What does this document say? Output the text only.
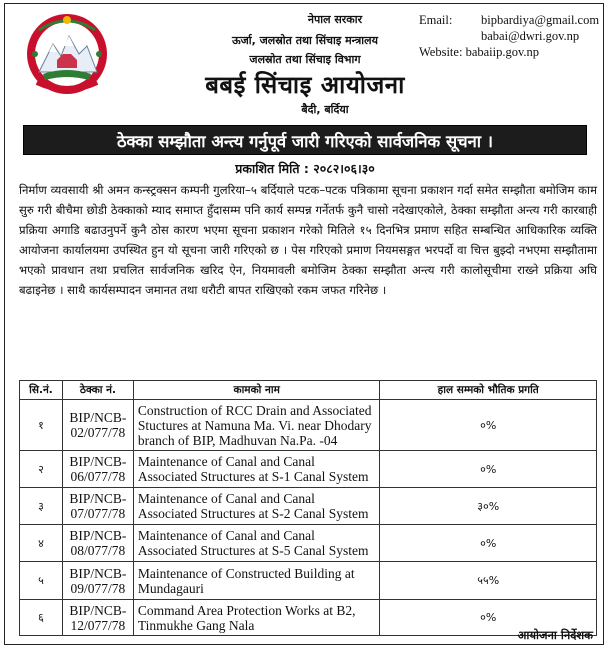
नेपाल सरकार
ऊर्जा, जलस्रोत तथा सिंचाइ मन्त्रालय
जलस्रोत तथा सिंचाइ विभाग
बबई सिंचाइ आयोजना
बैदी, बर्दिया
Email:	bipbardiya@gmail.com
babai@dwri.gov.np
Website:
babaiip.gov.np
ठेक्का सम्झौता अन्त्य गर्नुपूर्व जारी गरिएको सार्वजनिक सूचना ।
प्रकाशित मिति : २०८२।०६।३०

निर्माण व्यवसायी श्री अमन कन्स्ट्रक्सन कम्पनी गुलरिया–५ बर्दियाले पटक–पटक पत्रिकामा सूचना प्रकाशन गर्दा समेत सम्झौता बमोजिम काम सुरु गरी बीचैमा छोडी ठेक्काको म्याद समाप्त हुँदासम्म पनि कार्य सम्पन्न गर्नेतर्फ कुनै चासो नदेखाएकोले, ठेक्का सम्झौता अन्त्य गरी कारबाही प्रक्रिया अगाडि बढाउनुपर्ने कुनै ठोस कारण भएमा सूचना प्रकाशन गरेको मितिले १५ दिनभित्र प्रमाण सहित सम्बन्धित आधिकारिक व्यक्ति आयोजना कार्यालयमा उपस्थित हुन यो सूचना जारी गरिएको छ । पेस गरिएको प्रमाण नियमसङ्गत भरपर्दो वा चित्त बुझ्दो नभएमा सम्झौतामा भएको प्रावधान तथा प्रचलित सार्वजनिक खरिद ऐन, नियमावली बमोजिम ठेक्का सम्झौता अन्त्य गरी कालोसूचीमा राख्ने प्रक्रिया अघि बढाइनेछ । साथै कार्यसम्पादन जमानत तथा धरौटी बापत राखिएको रकम जफत गरिनेछ ।

सि.नं.	ठेक्का नं.	कामको नाम	हाल सम्मको भौतिक प्रगति
१	BIP/NCB-02/077/78	Construction of RCC Drain and Associated Stuctures at Namuna Ma. Vi. near Dhodary branch of BIP, Madhuvan Na.Pa. -04	०%
२	BIP/NCB-06/077/78	Maintenance of Canal and Canal Associated Structures at S-1 Canal System	०%
३	BIP/NCB-07/077/78	Maintenance of Canal and Canal Associated Structures at S-2 Canal System	३०%
४	BIP/NCB-08/077/78	Maintenance of Canal and Canal Associated Structures at S-5 Canal System	०%
५	BIP/NCB-09/077/78	Maintenance of Constructed Building at Mundagauri	५५%
६	BIP/NCB-12/077/78	Command Area Protection Works at B2, Tinmukhe Gang Nala	०%
आयोजना निर्देशक
